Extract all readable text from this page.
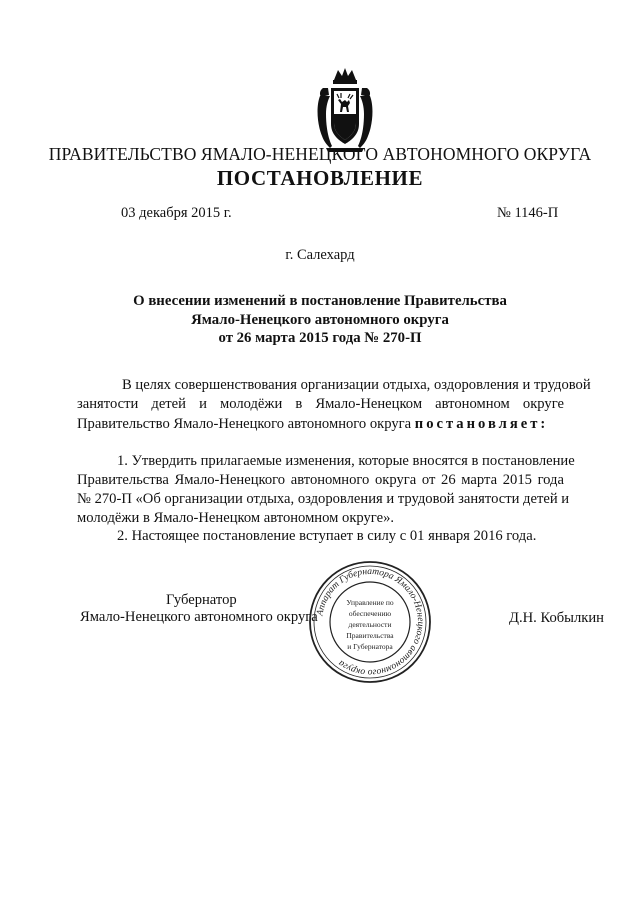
ПРАВИТЕЛЬСТВО ЯМАЛО-НЕНЕЦКОГО АВТОНОМНОГО ОКРУГА
ПОСТАНОВЛЕНИЕ
03 декабря 2015 г.	№ 1146-П
г. Салехард
О внесении изменений в постановление Правительства
Ямало-Ненецкого автономного округа
от 26 марта 2015 года № 270-П
В целях совершенствования организации отдыха, оздоровления и трудовой
занятости детей и молодёжи в Ямало-Ненецком автономном округе
Правительство Ямало-Ненецкого автономного округа постановляет:
1. Утвердить прилагаемые изменения, которые вносятся в постановление
Правительства Ямало-Ненецкого автономного округа от 26 марта 2015 года
№ 270-П «Об организации отдыха, оздоровления и трудовой занятости детей и
молодёжи в Ямало-Ненецком автономном округе».
2. Настоящее постановление вступает в силу с 01 января 2016 года.
Губернатор
Ямало-Ненецкого автономного округа	Д.Н. Кобылкин
Аппарат Губернатора Ямало-Ненецкого автономного округа
Управление по
обеспечению
деятельности
Правительства
и Губернатора
